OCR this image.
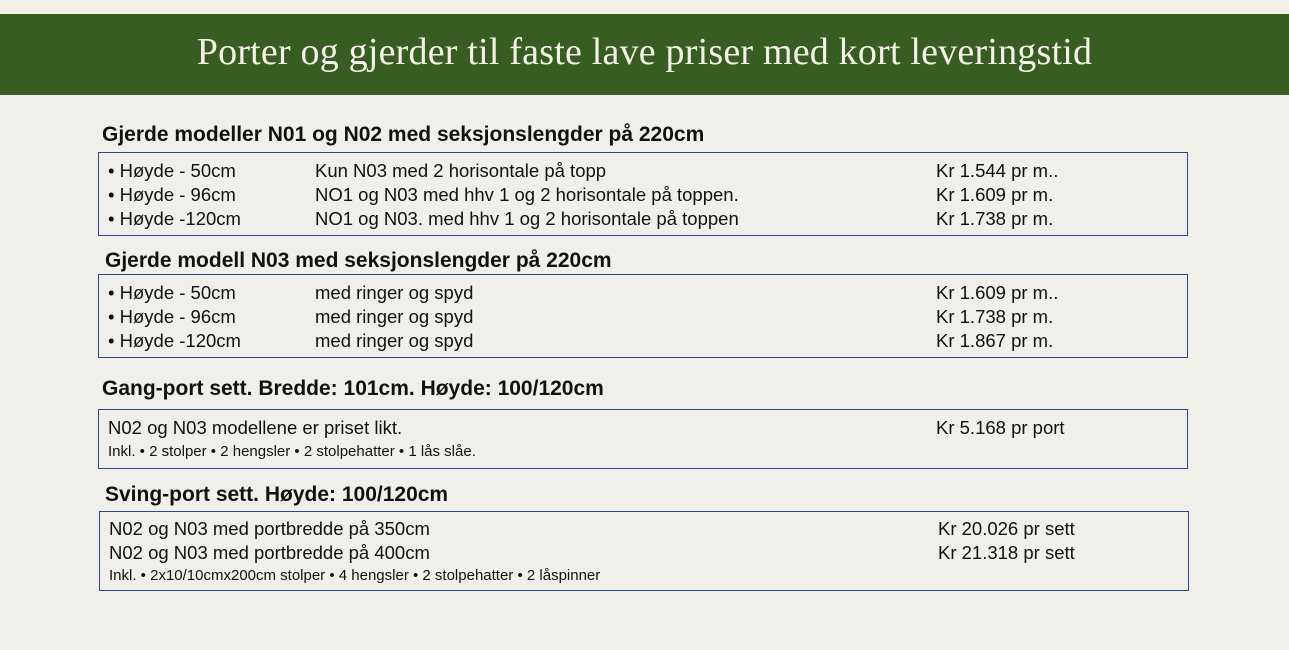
Porter og gjerder til faste lave priser med kort leveringstid
Gjerde modeller N01 og N02 med seksjonslengder på 220cm
• Høyde - 50cm	Kun N03 med 2 horisontale på topp	Kr 1.544 pr m..
• Høyde - 96cm	NO1 og N03 med hhv 1 og 2 horisontale på toppen.	Kr 1.609 pr m.
• Høyde -120cm	NO1 og N03. med hhv 1 og 2 horisontale på toppen	Kr 1.738 pr m.
Gjerde modell N03 med seksjonslengder på 220cm
• Høyde - 50cm	med ringer og spyd	Kr 1.609 pr m..
• Høyde - 96cm	med ringer og spyd	Kr 1.738 pr m.
• Høyde -120cm	med ringer og spyd	Kr 1.867 pr m.
Gang-port sett. Bredde: 101cm. Høyde: 100/120cm
N02 og N03 modellene er priset likt.	Kr 5.168 pr port
Inkl. • 2 stolper • 2 hengsler • 2 stolpehatter • 1 lås slåe.
Sving-port sett. Høyde: 100/120cm
N02 og N03 med portbredde på 350cm	Kr 20.026 pr sett
N02 og N03 med portbredde på 400cm	Kr 21.318 pr sett
Inkl. • 2x10/10cmx200cm stolper • 4 hengsler • 2 stolpehatter • 2 låspinner
